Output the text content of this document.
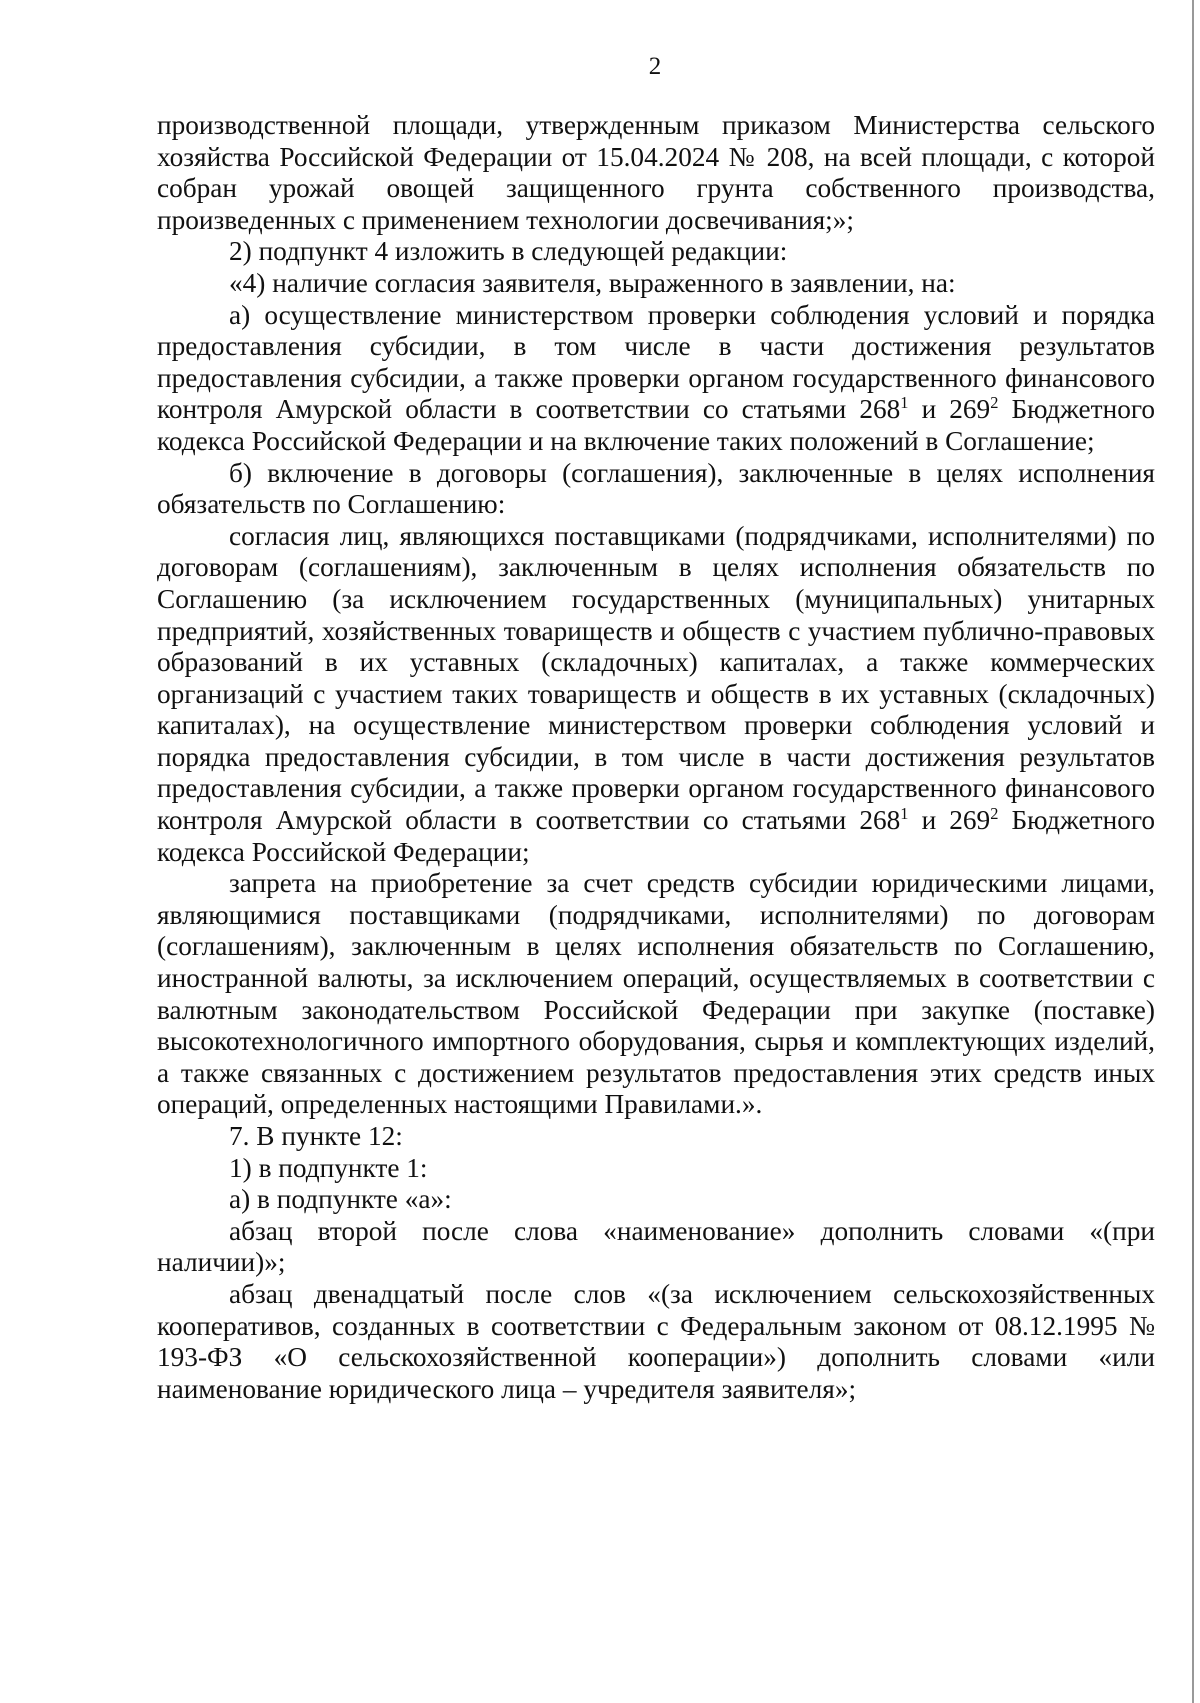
2

производственной площади, утвержденным приказом Министерства сельского хозяйства Российской Федерации от 15.04.2024 № 208, на всей площади, с которой собран урожай овощей защищенного грунта собственного производства, произведенных с применением технологии досвечивания;»;

2) подпункт 4 изложить в следующей редакции:

«4) наличие согласия заявителя, выраженного в заявлении, на:

а) осуществление министерством проверки соблюдения условий и порядка предоставления субсидии, в том числе в части достижения результатов предоставления субсидии, а также проверки органом государственного финансового контроля Амурской области в соответствии со статьями $268^1$ и $269^2$ Бюджетного кодекса Российской Федерации и на включение таких положений в Соглашение;

б) включение в договоры (соглашения), заключенные в целях исполнения обязательств по Соглашению:

согласия лиц, являющихся поставщиками (подрядчиками, исполнителями) по договорам (соглашениям), заключенным в целях исполнения обязательств по Соглашению (за исключением государственных (муниципальных) унитарных предприятий, хозяйственных товариществ и обществ с участием публично-правовых образований в их уставных (складочных) капиталах, а также коммерческих организаций с участием таких товариществ и обществ в их уставных (складочных) капиталах), на осуществление министерством проверки соблюдения условий и порядка предоставления субсидии, в том числе в части достижения результатов предоставления субсидии, а также проверки органом государственного финансового контроля Амурской области в соответствии со статьями $268^1$ и $269^2$ Бюджетного кодекса Российской Федерации;

запрета на приобретение за счет средств субсидии юридическими лицами, являющимися поставщиками (подрядчиками, исполнителями) по договорам (соглашениям), заключенным в целях исполнения обязательств по Соглашению, иностранной валюты, за исключением операций, осуществляемых в соответствии с валютным законодательством Российской Федерации при закупке (поставке) высокотехнологичного импортного оборудования, сырья и комплектующих изделий, а также связанных с достижением результатов предоставления этих средств иных операций, определенных настоящими Правилами.».

7. В пункте 12:

1) в подпункте 1:

а) в подпункте «а»:

абзац второй после слова «наименование» дополнить словами «(при наличии)»;

абзац двенадцатый после слов «(за исключением сельскохозяйственных кооперативов, созданных в соответствии с Федеральным законом от 08.12.1995 № 193-ФЗ «О сельскохозяйственной кооперации») дополнить словами «или наименование юридического лица – учредителя заявителя»;
